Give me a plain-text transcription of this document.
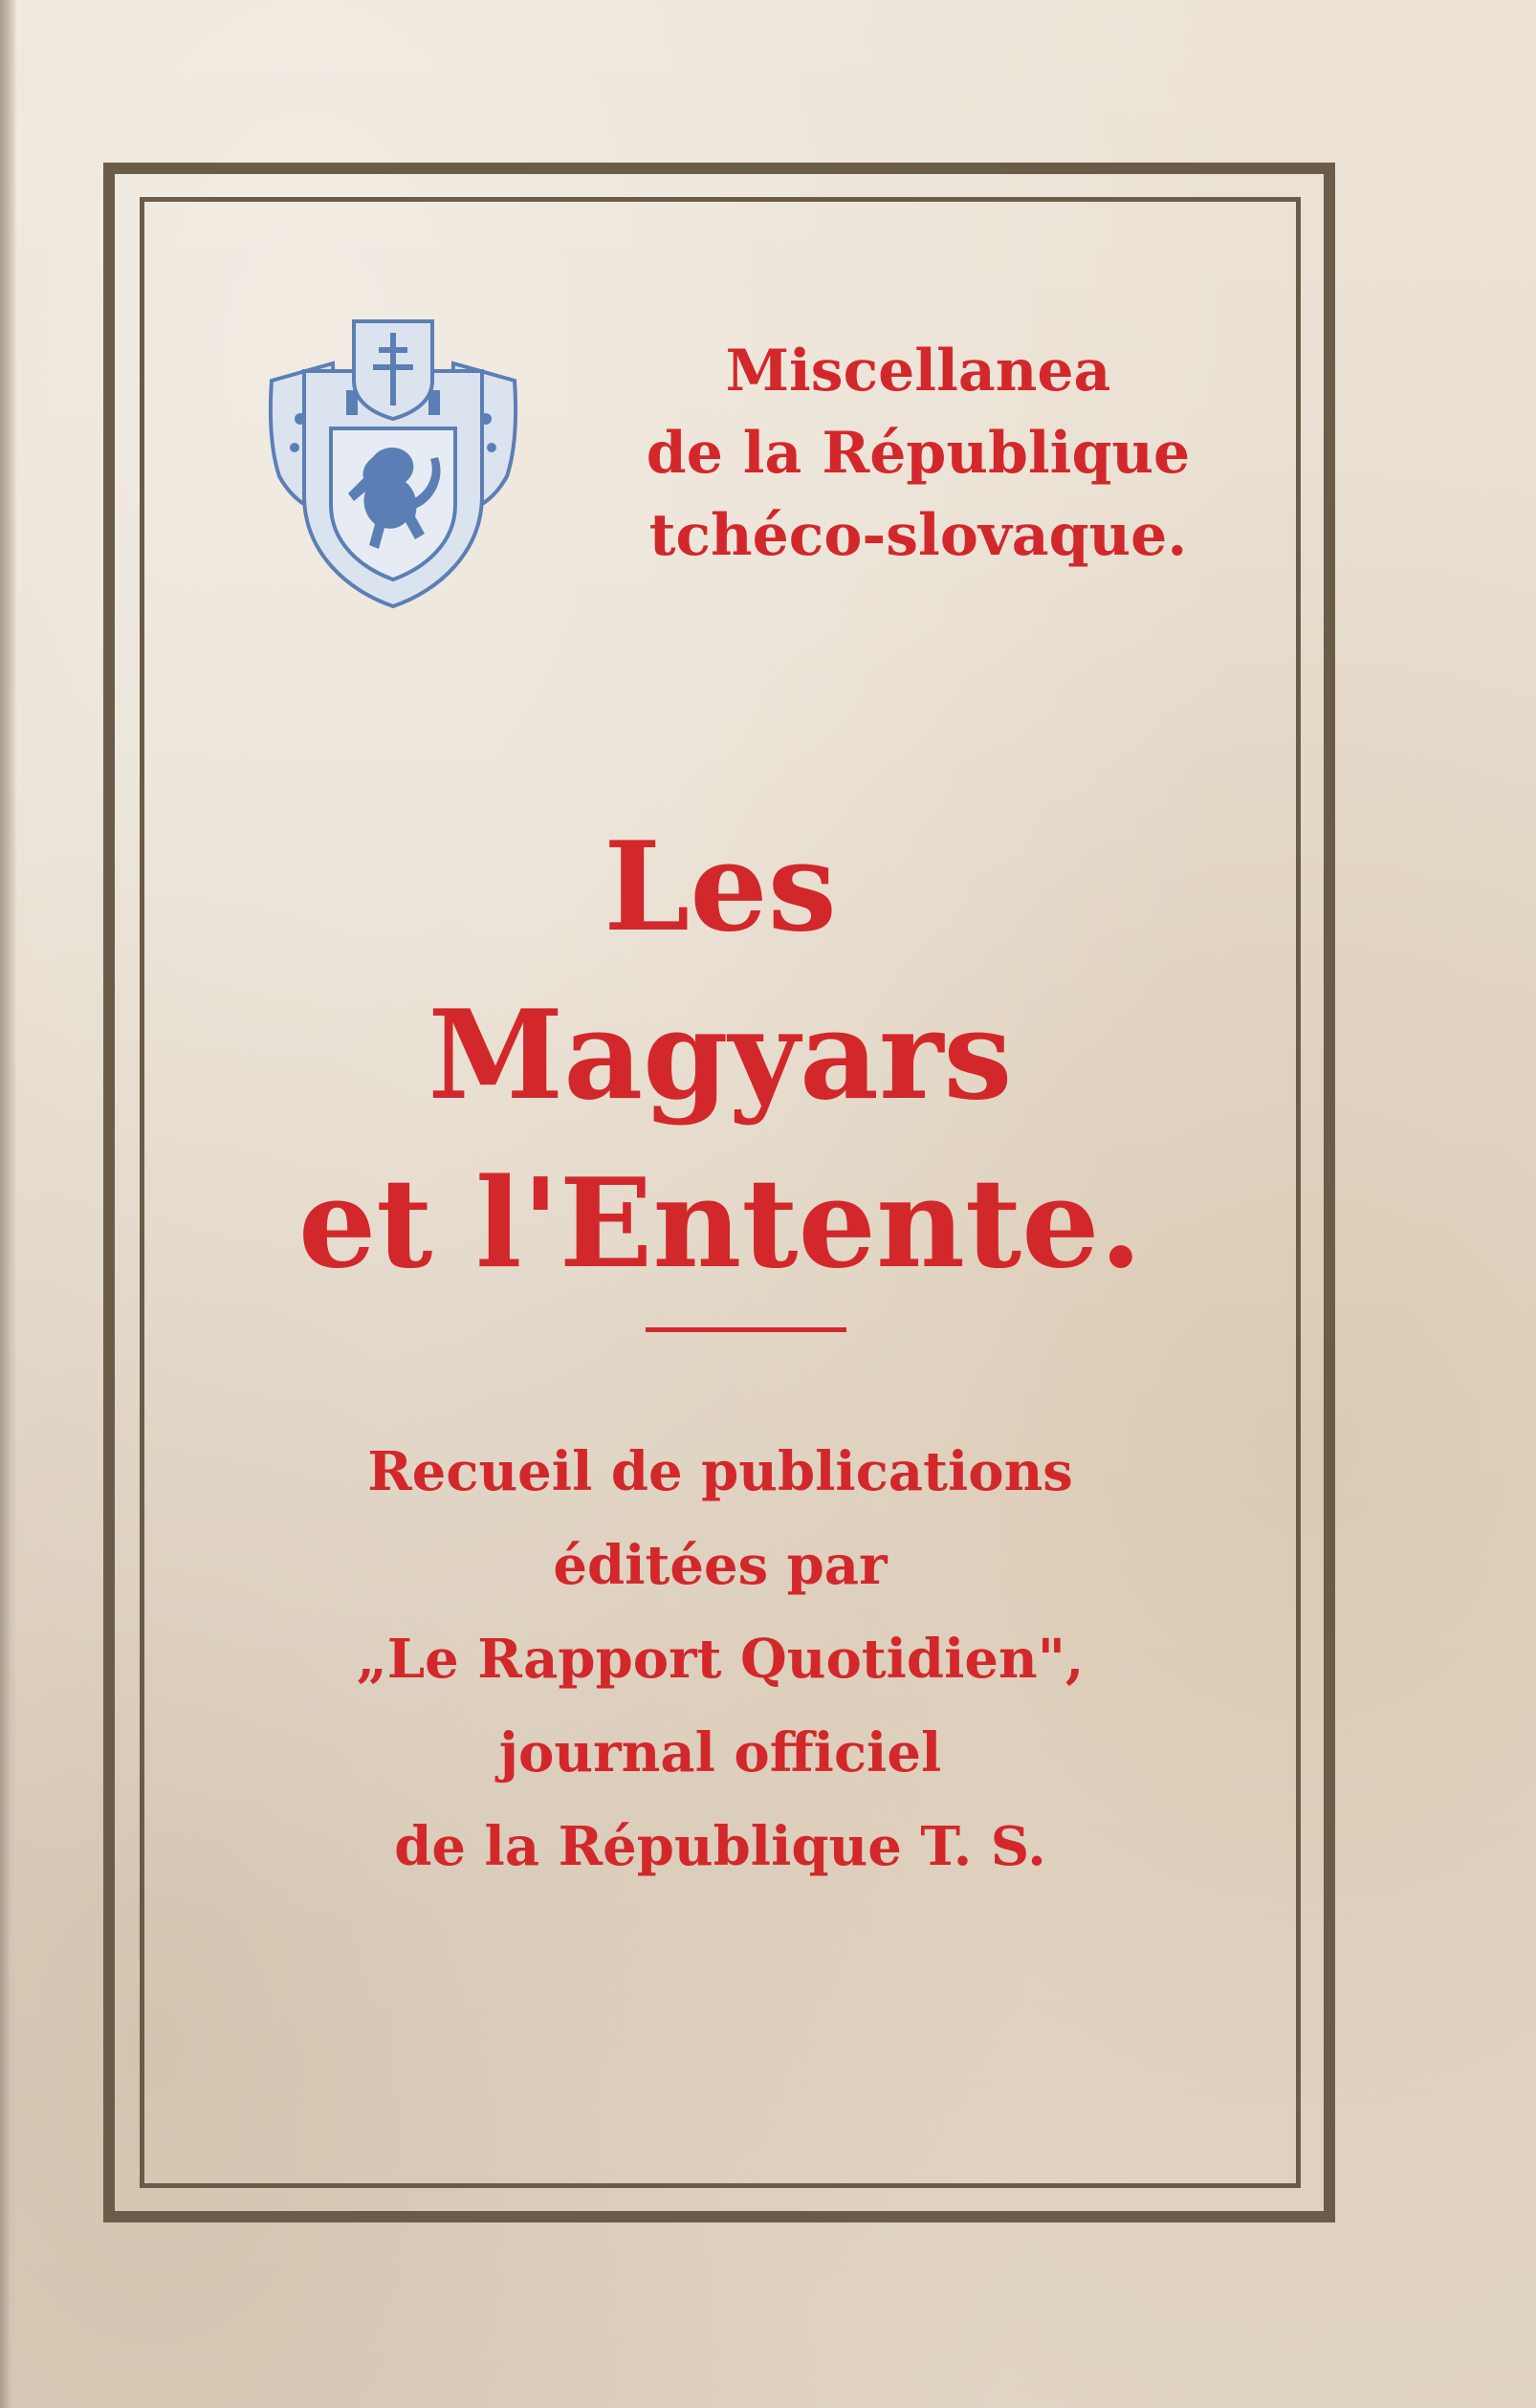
Miscellanea
de la République
tchéco-slovaque.
Les
Magyars
et l'Entente.
Recueil de publications
éditées par
„Le Rapport Quotidien",
journal officiel
de la République T. S.
